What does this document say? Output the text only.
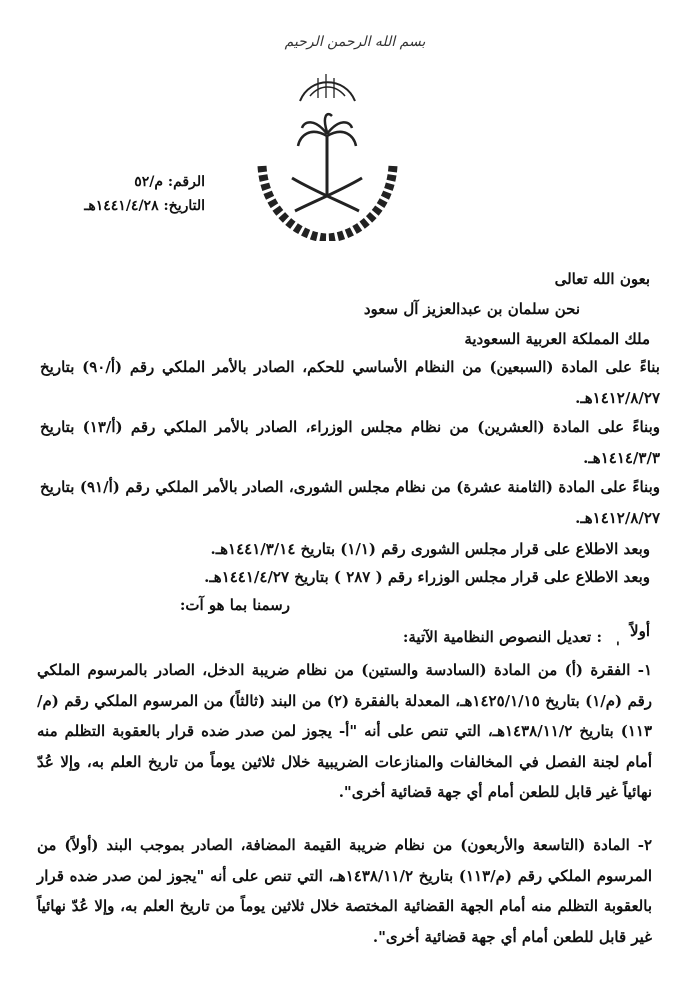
بسم الله الرحمن الرحيم
الرقم: م/٥٢
التاريخ: ١٤٤١/٤/٢٨هـ
بعون الله تعالى
نحن سلمان بن عبدالعزيز آل سعود
ملك المملكة العربية السعودية
بناءً على المادة (السبعين) من النظام الأساسي للحكم، الصادر بالأمر الملكي رقم (أ/٩٠) بتاريخ ١٤١٢/٨/٢٧هـ.
وبناءً على المادة (العشرين) من نظام مجلس الوزراء، الصادر بالأمر الملكي رقم (أ/١٣) بتاريخ ١٤١٤/٣/٣هـ.
وبناءً على المادة (الثامنة عشرة) من نظام مجلس الشورى، الصادر بالأمر الملكي رقم (أ/٩١) بتاريخ ١٤١٢/٨/٢٧هـ.
وبعد الاطلاع على قرار مجلس الشورى رقم (١/١) بتاريخ ١٤٤١/٣/١٤هـ.
وبعد الاطلاع على قرار مجلس الوزراء رقم ( ٢٨٧ ) بتاريخ ١٤٤١/٤/٢٧هـ.
رسمنا بما هو آت:
أولاً
'
: تعديل النصوص النظامية الآتية:
١- الفقرة (أ) من المادة (السادسة والستين) من نظام ضريبة الدخل، الصادر بالمرسوم الملكي رقم (م/١) بتاريخ ١٤٢٥/١/١٥هـ، المعدلة بالفقرة (٢) من البند (ثالثاً) من المرسوم الملكي رقم (م/١١٣) بتاريخ ١٤٣٨/١١/٢هـ، التي تنص على أنه "أ- يجوز لمن صدر ضده قرار بالعقوبة التظلم منه أمام لجنة الفصل في المخالفات والمنازعات الضريبية خلال ثلاثين يوماً من تاريخ العلم به، وإلا عُدّ نهائياً غير قابل للطعن أمام أي جهة قضائية أخرى".
٢- المادة (التاسعة والأربعون) من نظام ضريبة القيمة المضافة، الصادر بموجب البند (أولاً) من المرسوم الملكي رقم (م/١١٣) بتاريخ ١٤٣٨/١١/٢هـ، التي تنص على أنه "يجوز لمن صدر ضده قرار بالعقوبة التظلم منه أمام الجهة القضائية المختصة خلال ثلاثين يوماً من تاريخ العلم به، وإلا عُدّ نهائياً غير قابل للطعن أمام أي جهة قضائية أخرى".
